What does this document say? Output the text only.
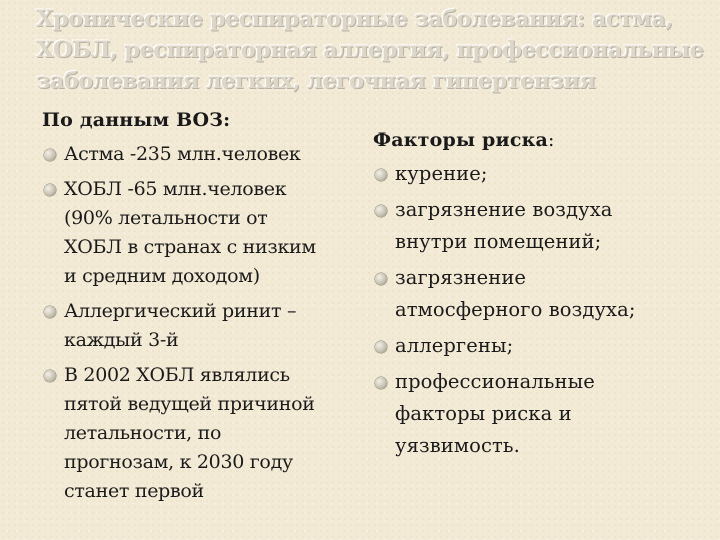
Хронические респираторные заболевания: астма, ХОБЛ, респираторная аллергия, профессиональные заболевания легких, легочная гипертензия
По данным ВОЗ:
Астма -235 млн.человек
ХОБЛ -65 млн.человек
(90% летальности от
ХОБЛ в странах с низким
и средним доходом)
Аллергический ринит –
каждый 3-й
В 2002 ХОБЛ являлись
пятой ведущей причиной
летальности, по
прогнозам, к 2030 году
станет первой
Факторы риска:
курение;
загрязнение воздуха
внутри помещений;
загрязнение
атмосферного воздуха;
аллергены;
профессиональные
факторы риска и
уязвимость.
